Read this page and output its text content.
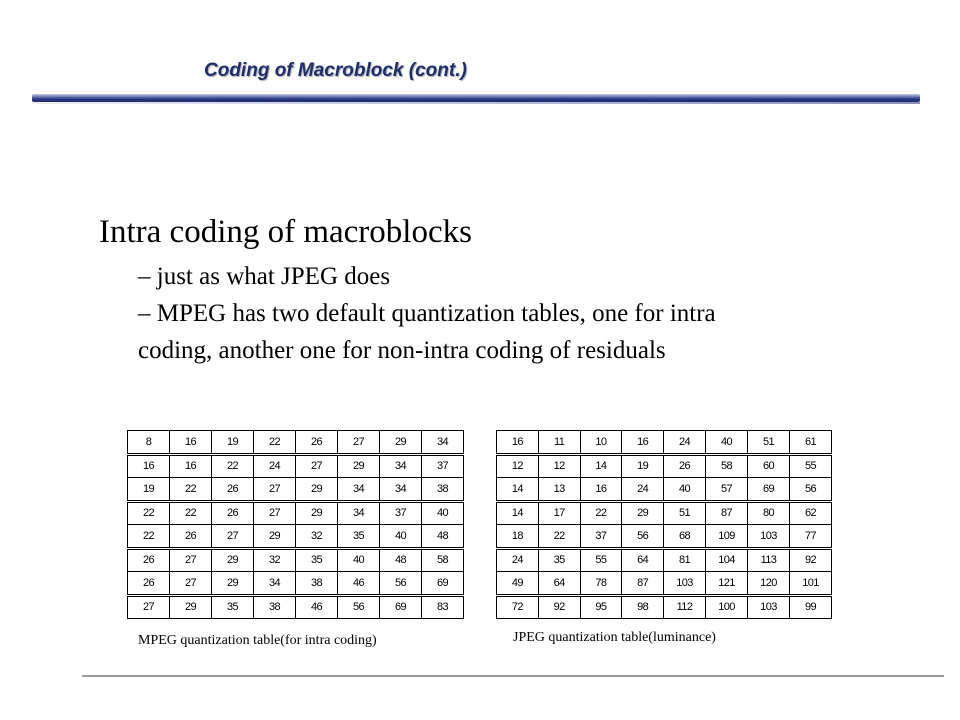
Coding of Macroblock (cont.)
Intra coding of macroblocks
– just as what JPEG does
– MPEG has two default quantization tables, one for intra
coding, another one for non-intra coding of residuals
8	16	19	22	26	27	29	34
16	16	22	24	27	29	34	37
19	22	26	27	29	34	34	38
22	22	26	27	29	34	37	40
22	26	27	29	32	35	40	48
26	27	29	32	35	40	48	58
26	27	29	34	38	46	56	69
27	29	35	38	46	56	69	83
16	11	10	16	24	40	51	61
12	12	14	19	26	58	60	55
14	13	16	24	40	57	69	56
14	17	22	29	51	87	80	62
18	22	37	56	68	109	103	77
24	35	55	64	81	104	113	92
49	64	78	87	103	121	120	101
72	92	95	98	112	100	103	99
MPEG quantization table(for intra coding)	JPEG quantization table(luminance)
